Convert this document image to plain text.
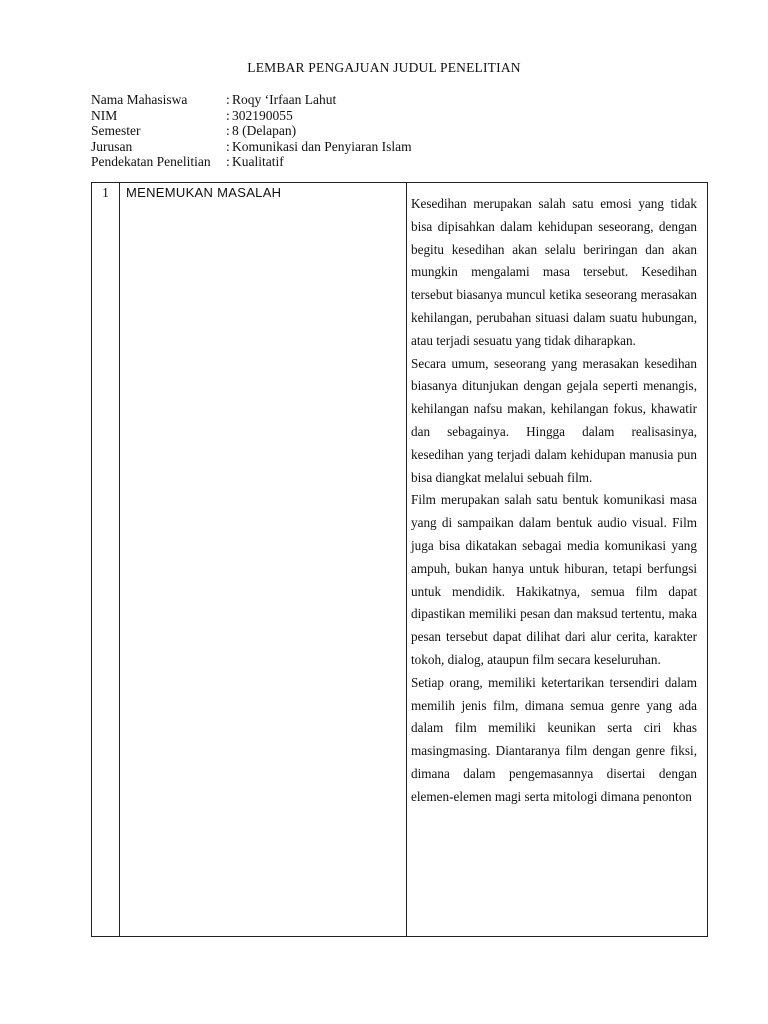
LEMBAR PENGAJUAN JUDUL PENELITIAN
Nama Mahasiswa	: Roqy ‘Irfaan Lahut
NIM	: 302190055
Semester	: 8 (Delapan)
Jurusan	: Komunikasi dan Penyiaran Islam
Pendekatan Penelitian	: Kualitatif
1	MENEMUKAN MASALAH	

Kesedihan merupakan salah satu emosi yang tidak bisa dipisahkan dalam kehidupan seseorang, dengan begitu kesedihan akan selalu beriringan dan akan mungkin mengalami masa tersebut. Kesedihan tersebut biasanya muncul ketika seseorang merasakan kehilangan, perubahan situasi dalam suatu hubungan, atau terjadi sesuatu yang tidak diharapkan.

Secara umum, seseorang yang merasakan kesedihan biasanya ditunjukan dengan gejala seperti menangis, kehilangan nafsu makan, kehilangan fokus, khawatir dan sebagainya. Hingga dalam realisasinya, kesedihan yang terjadi dalam kehidupan manusia pun bisa diangkat melalui sebuah film.

Film merupakan salah satu bentuk komunikasi masa yang di sampaikan dalam bentuk audio visual. Film juga bisa dikatakan sebagai media komunikasi yang ampuh, bukan hanya untuk hiburan, tetapi berfungsi untuk mendidik. Hakikatnya, semua film dapat dipastikan memiliki pesan dan maksud tertentu, maka pesan tersebut dapat dilihat dari alur cerita, karakter tokoh, dialog, ataupun film secara keseluruhan.

Setiap orang, memiliki ketertarikan tersendiri dalam memilih jenis film, dimana semua genre yang ada dalam film memiliki keunikan serta ciri khas masingmasing. Diantaranya film dengan genre fiksi, dimana dalam pengemasannya disertai dengan elemen-elemen magi serta mitologi dimana penonton
